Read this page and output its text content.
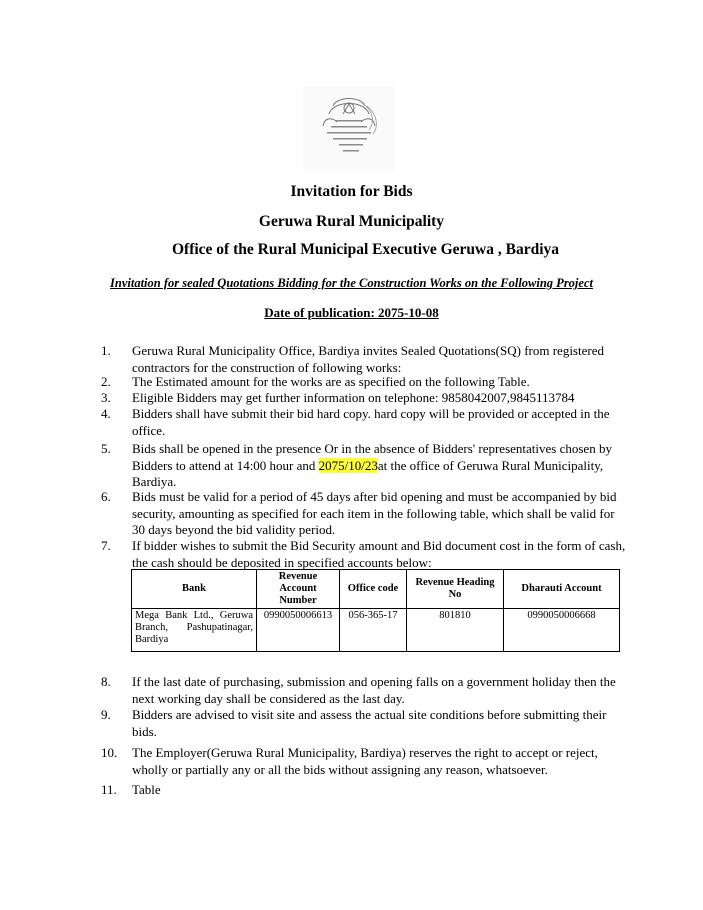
Invitation for Bids
Geruwa Rural Municipality
Office of the Rural Municipal Executive Geruwa , Bardiya
Invitation for sealed Quotations Bidding for the Construction Works on the Following Project
Date of publication: 2075-10-08
1.	Geruwa Rural Municipality Office, Bardiya invites Sealed Quotations(SQ) from registered contractors for the construction of following works:
2.	The Estimated amount for the works are as specified on the following Table.
3.	Eligible Bidders may get further information on telephone: 9858042007,9845113784
4.	Bidders shall have submit their bid hard copy. hard copy will be provided or accepted in the office.
5.	Bids shall be opened in the presence Or in the absence of Bidders' representatives chosen by Bidders to attend at 14:00 hour and 2075/10/23at the office of Geruwa Rural Municipality, Bardiya.
6.	Bids must be valid for a period of 45 days after bid opening and must be accompanied by bid security, amounting as specified for each item in the following table, which shall be valid for 30 days beyond the bid validity period.
7.	If bidder wishes to submit the Bid Security amount and Bid document cost in the form of cash, the cash should be deposited in specified accounts below:
Bank	Revenue Account Number	Office code	Revenue Heading No	Dharauti Account
Mega Bank Ltd., Geruwa Branch, Pashupatinagar, Bardiya	0990050006613	056-365-17	801810	0990050006668
8.	If the last date of purchasing, submission and opening falls on a government holiday then the next working day shall be considered as the last day.
9.	Bidders are advised to visit site and assess the actual site conditions before submitting their bids.
10.	The Employer(Geruwa Rural Municipality, Bardiya) reserves the right to accept or reject, wholly or partially any or all the bids without assigning any reason, whatsoever.
11.	Table
